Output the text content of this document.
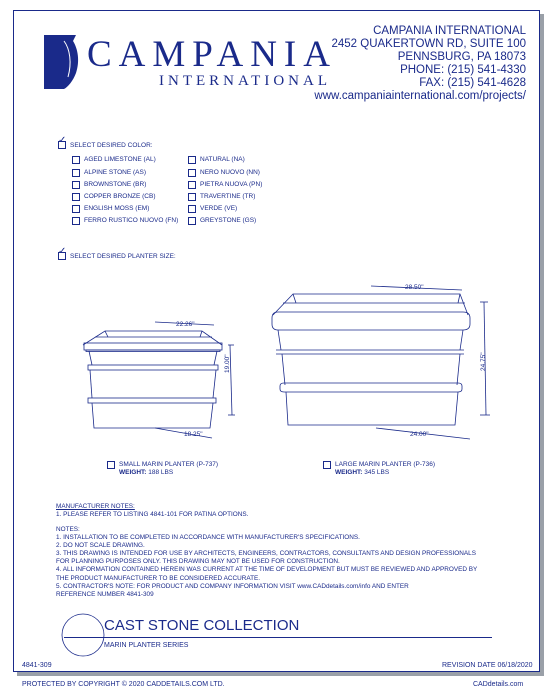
CAMPANIA
INTERNATIONAL
CAMPANIA INTERNATIONAL
2452 QUAKERTOWN RD, SUITE 100
PENNSBURG, PA 18073
PHONE: (215) 541-4330
FAX: (215) 541-4628
www.campaniainternational.com/projects/
✓ SELECT DESIRED COLOR:
AGED LIMESTONE (AL)
ALPINE STONE (AS)
BROWNSTONE (BR)
COPPER BRONZE (CB)
ENGLISH MOSS (EM)
FERRO RUSTICO NUOVO (FN)
NATURAL (NA)
NERO NUOVO (NN)
PIETRA NUOVA (PN)
TRAVERTINE (TR)
VERDE (VE)
GREYSTONE (GS)
✓ SELECT DESIRED PLANTER SIZE:
22.26"
19.00"
18.25"
28.50"
24.75"
24.00"
SMALL MARIN PLANTER (P-737)
WEIGHT: 188 LBS
LARGE MARIN PLANTER (P-736)
WEIGHT: 345 LBS
MANUFACTURER NOTES:
1. PLEASE REFER TO LISTING 4841-101 FOR PATINA OPTIONS.
NOTES:
1. INSTALLATION TO BE COMPLETED IN ACCORDANCE WITH MANUFACTURER'S SPECIFICATIONS.
2. DO NOT SCALE DRAWING.
3. THIS DRAWING IS INTENDED FOR USE BY ARCHITECTS, ENGINEERS, CONTRACTORS, CONSULTANTS AND DESIGN PROFESSIONALS
FOR PLANNING PURPOSES ONLY. THIS DRAWING MAY NOT BE USED FOR CONSTRUCTION.
4. ALL INFORMATION CONTAINED HEREIN WAS CURRENT AT THE TIME OF DEVELOPMENT BUT MUST BE REVIEWED AND APPROVED BY
THE PRODUCT MANUFACTURER TO BE CONSIDERED ACCURATE.
5. CONTRACTOR'S NOTE: FOR PRODUCT AND COMPANY INFORMATION VISIT www.CADdetails.com/info AND ENTER
REFERENCE NUMBER 4841-309
CAST STONE COLLECTION
MARIN PLANTER SERIES
4841-309	REVISION DATE 06/18/2020
PROTECTED BY COPYRIGHT © 2020 CADDETAILS.COM LTD.	CADdetails.com
